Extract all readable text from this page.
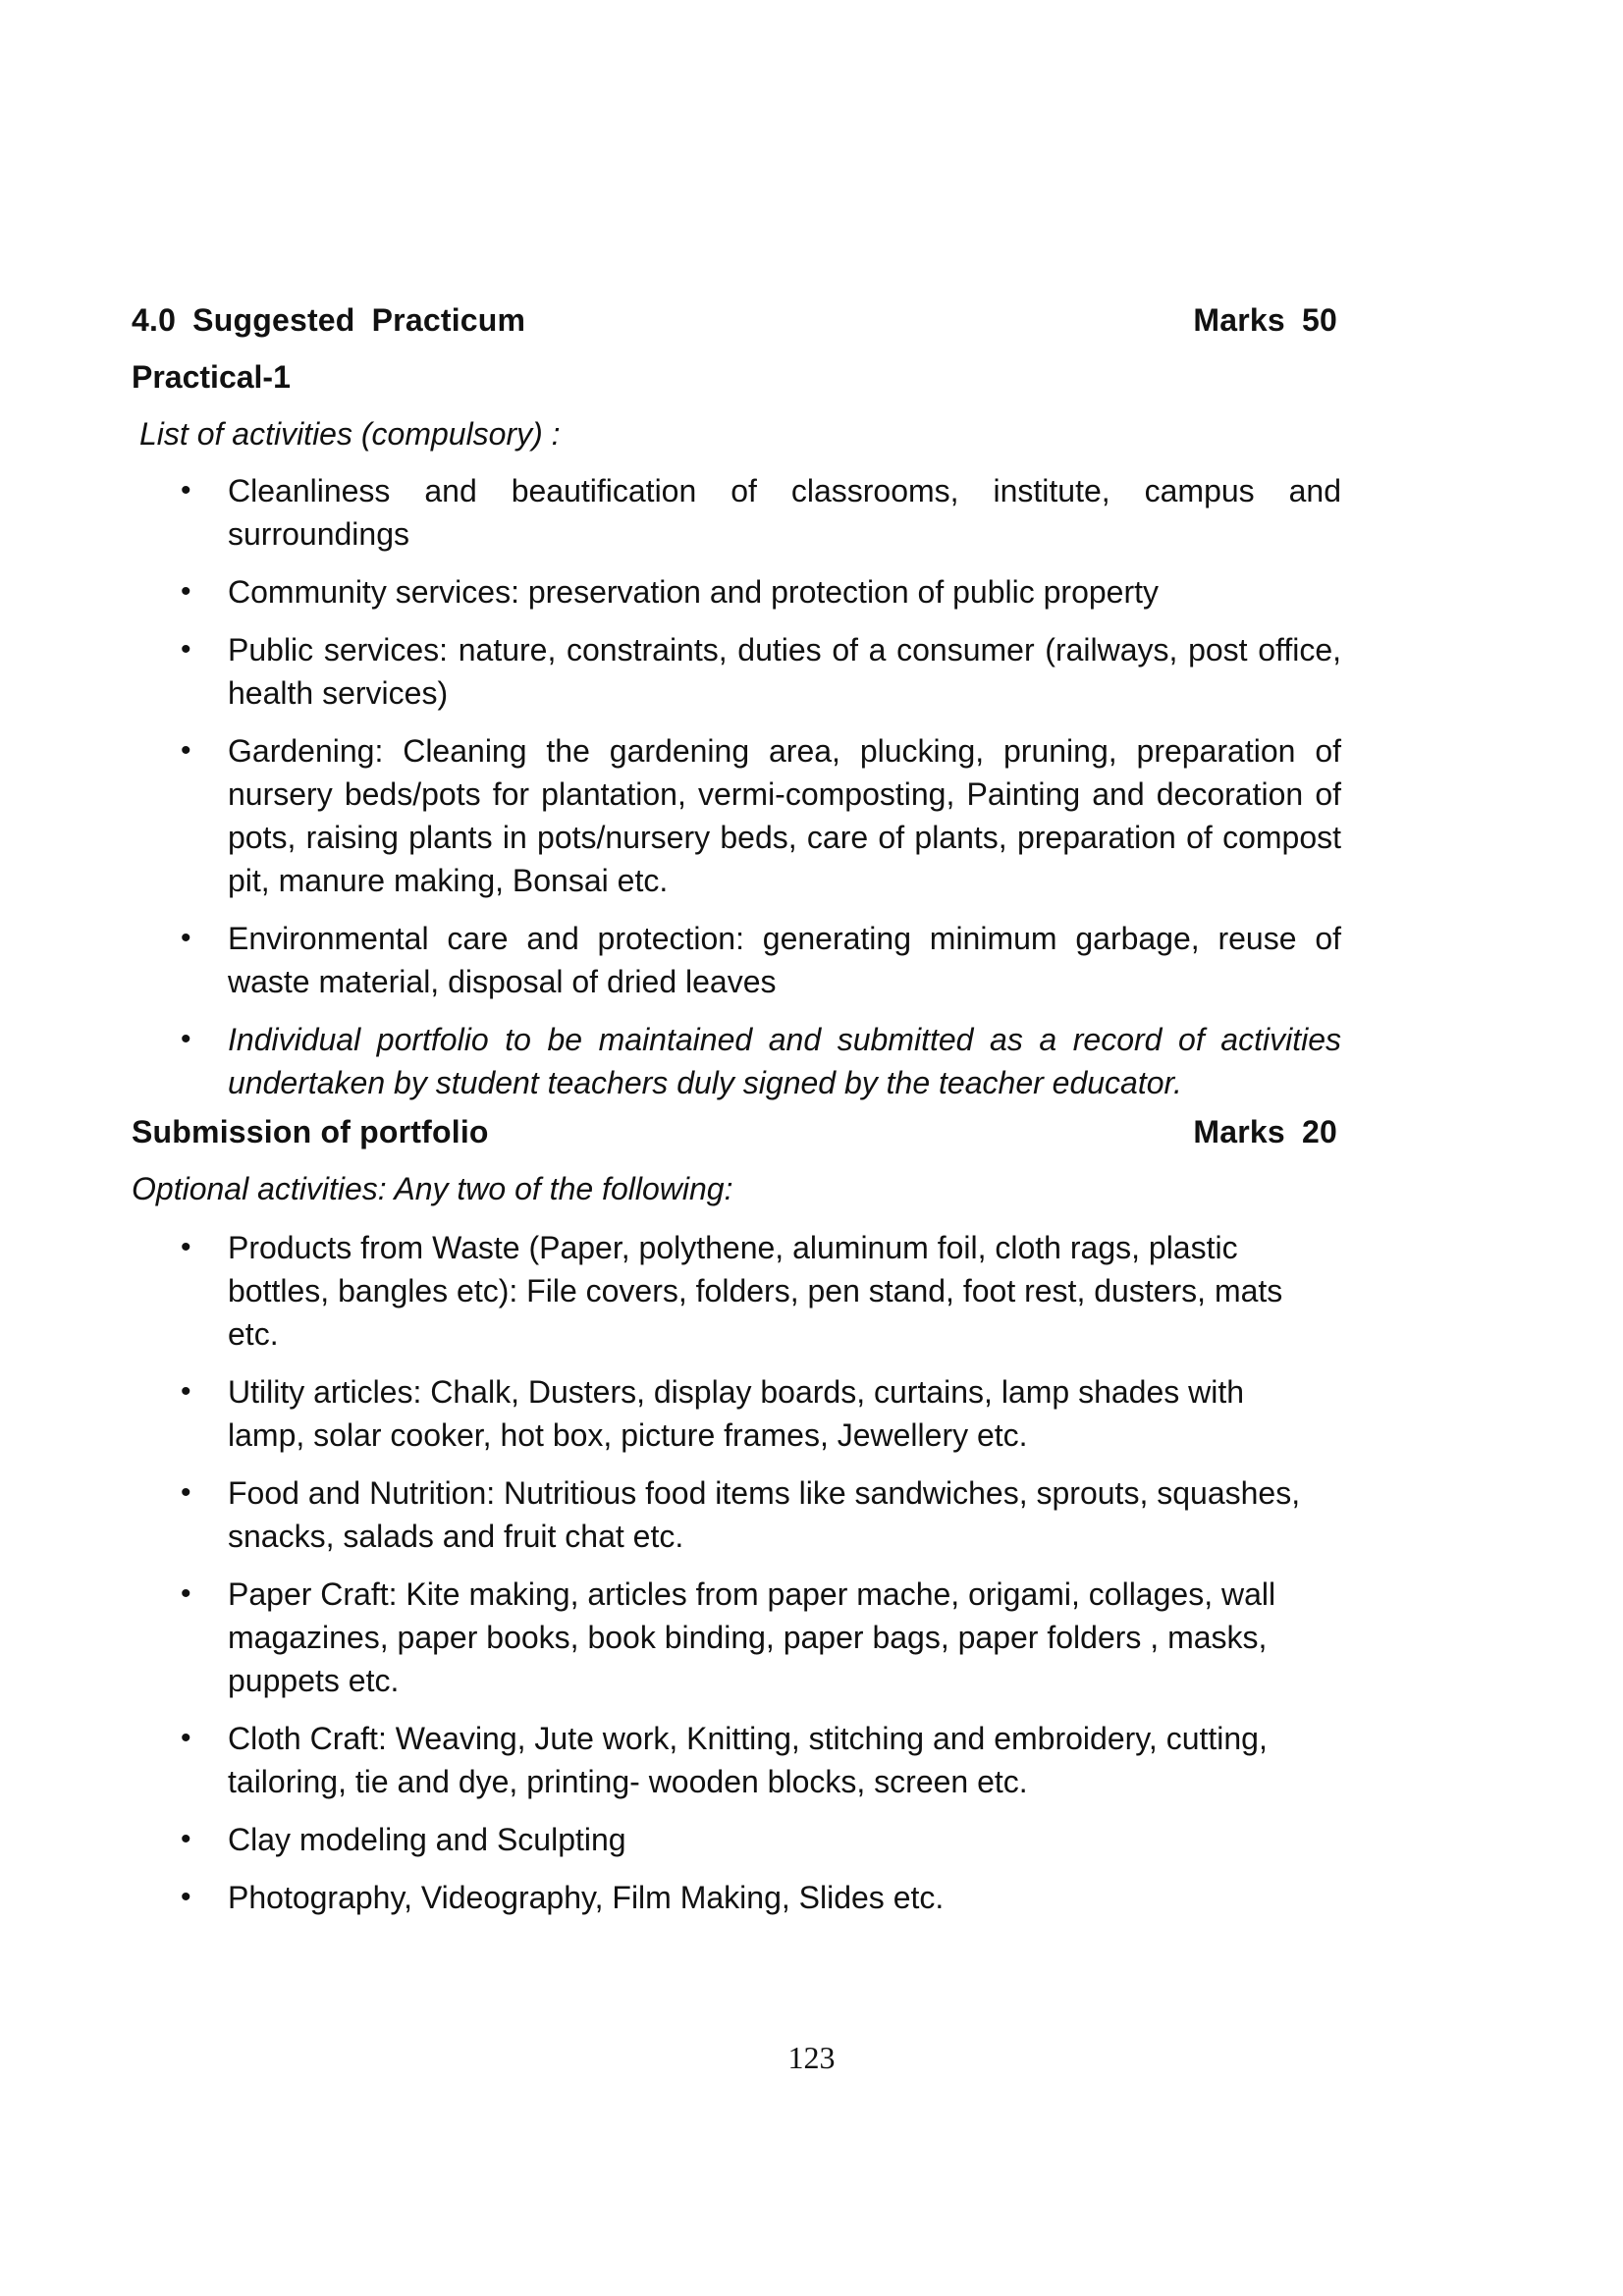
4.0 Suggested Practicum	Marks 50
Practical-1
List of activities (compulsory) :
• Cleanliness and beautification of classrooms, institute, campus and surroundings
• Community services: preservation and protection of public property
• Public services: nature, constraints, duties of a consumer (railways, post office, health services)
• Gardening: Cleaning the gardening area, plucking, pruning, preparation of nursery beds/pots for plantation, vermi-composting, Painting and decoration of pots, raising plants in pots/nursery beds, care of plants, preparation of compost pit, manure making, Bonsai etc.
• Environmental care and protection: generating minimum garbage, reuse of waste material, disposal of dried leaves
• Individual portfolio to be maintained and submitted as a record of activities undertaken by student teachers duly signed by the teacher educator.
Submission of portfolio	Marks 20
Optional activities: Any two of the following:
• Products from Waste (Paper, polythene, aluminum foil, cloth rags, plastic bottles, bangles etc): File covers, folders, pen stand, foot rest, dusters, mats etc.
• Utility articles: Chalk, Dusters, display boards, curtains, lamp shades with lamp, solar cooker, hot box, picture frames, Jewellery etc.
• Food and Nutrition: Nutritious food items like sandwiches, sprouts, squashes, snacks, salads and fruit chat etc.
• Paper Craft: Kite making, articles from paper mache, origami, collages, wall magazines, paper books, book binding, paper bags, paper folders , masks, puppets etc.
• Cloth Craft: Weaving, Jute work, Knitting, stitching and embroidery, cutting, tailoring, tie and dye, printing- wooden blocks, screen etc.
• Clay modeling and Sculpting
• Photography, Videography, Film Making, Slides etc.
123
